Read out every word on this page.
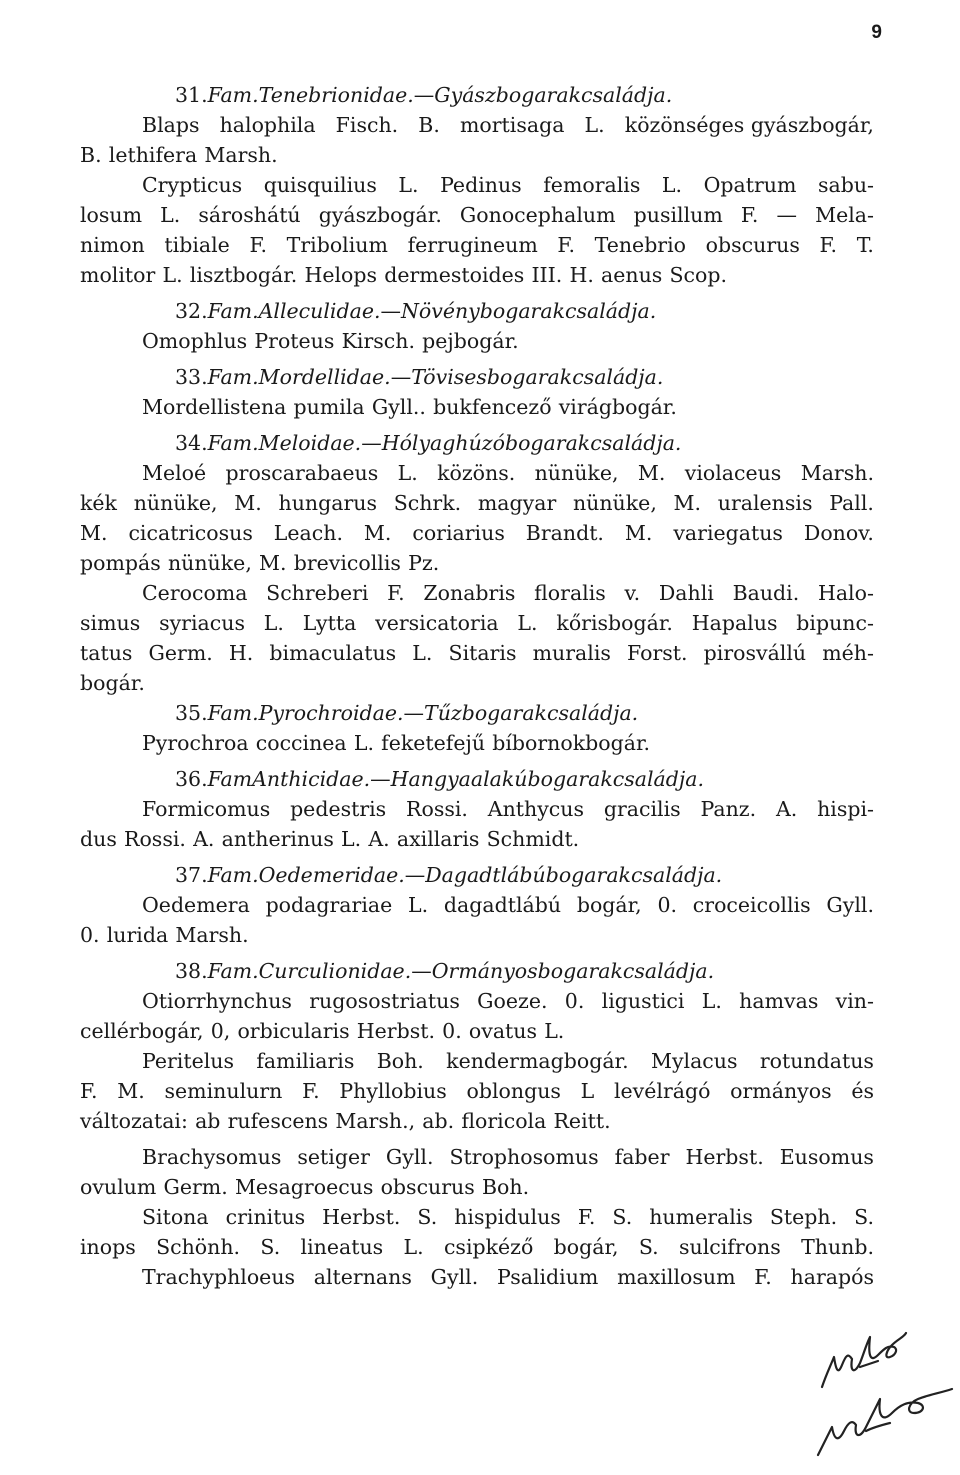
9

31. Fam. Tenebrionidae. — Gyászbogarak családja.

Blaps halophila Fisch. B. mortisaga L. közönséges gyászbogár,

B. lethifera Marsh.

Crypticus quisquilius L. Pedinus femoralis L. Opatrum sabu-

losum L. sároshátú gyászbogár. Gonocephalum pusillum F. — Mela-

nimon tibiale F. Tribolium ferrugineum F. Tenebrio obscurus F. T.

molitor L. lisztbogár. Helops dermestoides III. H. aenus Scop.

32. Fam. Alleculidae. — Növénybogarak családja.

Omophlus Proteus Kirsch. pejbogár.

33. Fam. Mordellidae. — Tövisesbogarak családja.

Mordellistena pumila Gyll.. bukfencező virágbogár.

34. Fam. Meloidae. — Hólyaghúzóbogarak családja.

Meloé proscarabaeus L. közöns. nünüke, M. violaceus Marsh.

kék nünüke, M. hungarus Schrk. magyar nünüke, M. uralensis Pall.

M. cicatricosus Leach. M. coriarius Brandt. M. variegatus Donov.

pompás nünüke, M. brevicollis Pz.

Cerocoma Schreberi F. Zonabris floralis v. Dahli Baudi. Halo-

simus syriacus L. Lytta versicatoria L. kőrisbogár. Hapalus bipunc-

tatus Germ. H. bimaculatus L. Sitaris muralis Forst. pirosvállú méh-

bogár.

35. Fam. Pyrochroidae. — Tűzbogarak családja.

Pyrochroa coccinea L. feketefejű bíbornokbogár.

36. Fam Anthicidae. — Hangyaalakúbogarak családja.

Formicomus pedestris Rossi. Anthycus gracilis Panz. A. hispi-

dus Rossi. A. antherinus L. A. axillaris Schmidt.

37. Fam. Oedemeridae. — Dagadtlábúbogarak családja.

Oedemera podagrariae L. dagadtlábú bogár, 0. croceicollis Gyll.

0. lurida Marsh.

38. Fam. Curculionidae. — Ormányosbogarak családja.

Otiorrhynchus rugosostriatus Goeze. 0. ligustici L. hamvas vin-

cellérbogár, 0, orbicularis Herbst. 0. ovatus L.

Peritelus familiaris Boh. kendermagbogár. Mylacus rotundatus

F. M. seminulurn F. Phyllobius oblongus L levélrágó ormányos és

változatai: ab rufescens Marsh., ab. floricola Reitt.

Brachysomus setiger Gyll. Strophosomus faber Herbst. Eusomus

ovulum Germ. Mesagroecus obscurus Boh.

Sitona crinitus Herbst. S. hispidulus F. S. humeralis Steph. S.

inops Schönh. S. lineatus L. csipkéző bogár, S. sulcifrons Thunb.

Trachyphloeus alternans Gyll. Psalidium maxillosum F. harapós
